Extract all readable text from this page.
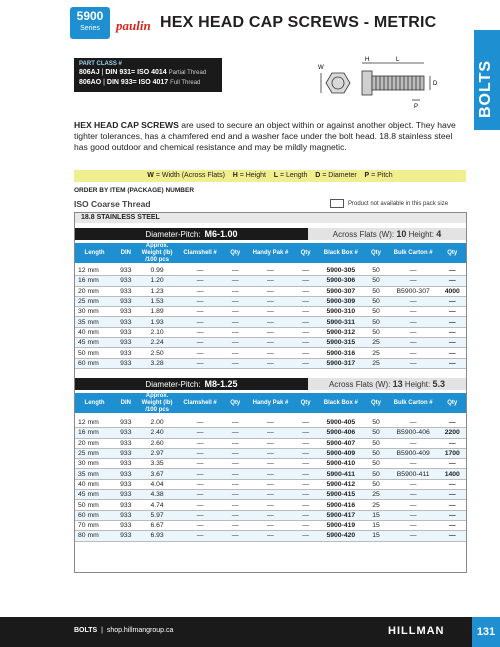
5900
Series	paulin HEX HEAD CAP SCREWS - METRIC
BOLTS
PART CLASS #
806AJ | DIN 931= ISO 4014 Partial Thread
806AO | DIN 933= ISO 4017 Full Thread
H	L
W
D
P
HEX HEAD CAP SCREWS are used to secure an object within or against another object. They have tighter tolerances, has a chamfered end and a washer face under the bolt head. 18.8 stainless steel has good outdoor and chemical resistance and may be mildly magnetic.
W = Width (Across Flats) H = Height L = Length D = Diameter P = Pitch
ORDER BY ITEM (PACKAGE) NUMBER
ISO Coarse Thread	Product not available in this pack size
18.8 STAINLESS STEEL
Diameter-Pitch: M6-1.00	Across Flats (W): 10 Height: 4
Length	DIN	Approx. Weight (lb) /100 pcs	Clamshell #	Qty	Handy Pak #	Qty	Black Box #	Qty	Bulk Carton #	Qty
12 mm	933	0.99	—	—	—	—	5900-305	50	—	—
16 mm	933	1.20	—	—	—	—	5900-306	50	—	—
20 mm	933	1.23	—	—	—	—	5900-307	50	B5900-307	4000
25 mm	933	1.53	—	—	—	—	5900-309	50	—	—
30 mm	933	1.89	—	—	—	—	5900-310	50	—	—
35 mm	933	1.93	—	—	—	—	5900-311	50	—	—
40 mm	933	2.10	—	—	—	—	5900-312	50	—	—
45 mm	933	2.24	—	—	—	—	5900-315	25	—	—
50 mm	933	2.50	—	—	—	—	5900-316	25	—	—
60 mm	933	3.28	—	—	—	—	5900-317	25	—	—
Diameter-Pitch: M8-1.25	Across Flats (W): 13 Height: 5.3
Length	DIN	Approx. Weight (lb) /100 pcs	Clamshell #	Qty	Handy Pak #	Qty	Black Box #	Qty	Bulk Carton #	Qty
12 mm	933	2.00	—	—	—	—	5900-405	50	—	—
16 mm	933	2.40	—	—	—	—	5900-406	50	B5900-406	2200
20 mm	933	2.60	—	—	—	—	5900-407	50	—	—
25 mm	933	2.97	—	—	—	—	5900-409	50	B5900-409	1700
30 mm	933	3.35	—	—	—	—	5900-410	50	—	—
35 mm	933	3.67	—	—	—	—	5900-411	50	B5900-411	1400
40 mm	933	4.04	—	—	—	—	5900-412	50	—	—
45 mm	933	4.38	—	—	—	—	5900-415	25	—	—
50 mm	933	4.74	—	—	—	—	5900-416	25	—	—
60 mm	933	5.97	—	—	—	—	5900-417	15	—	—
70 mm	933	6.67	—	—	—	—	5900-419	15	—	—
80 mm	933	6.93	—	—	—	—	5900-420	15	—	—
BOLTS | shop.hillmangroup.ca	HILLMAN	131
